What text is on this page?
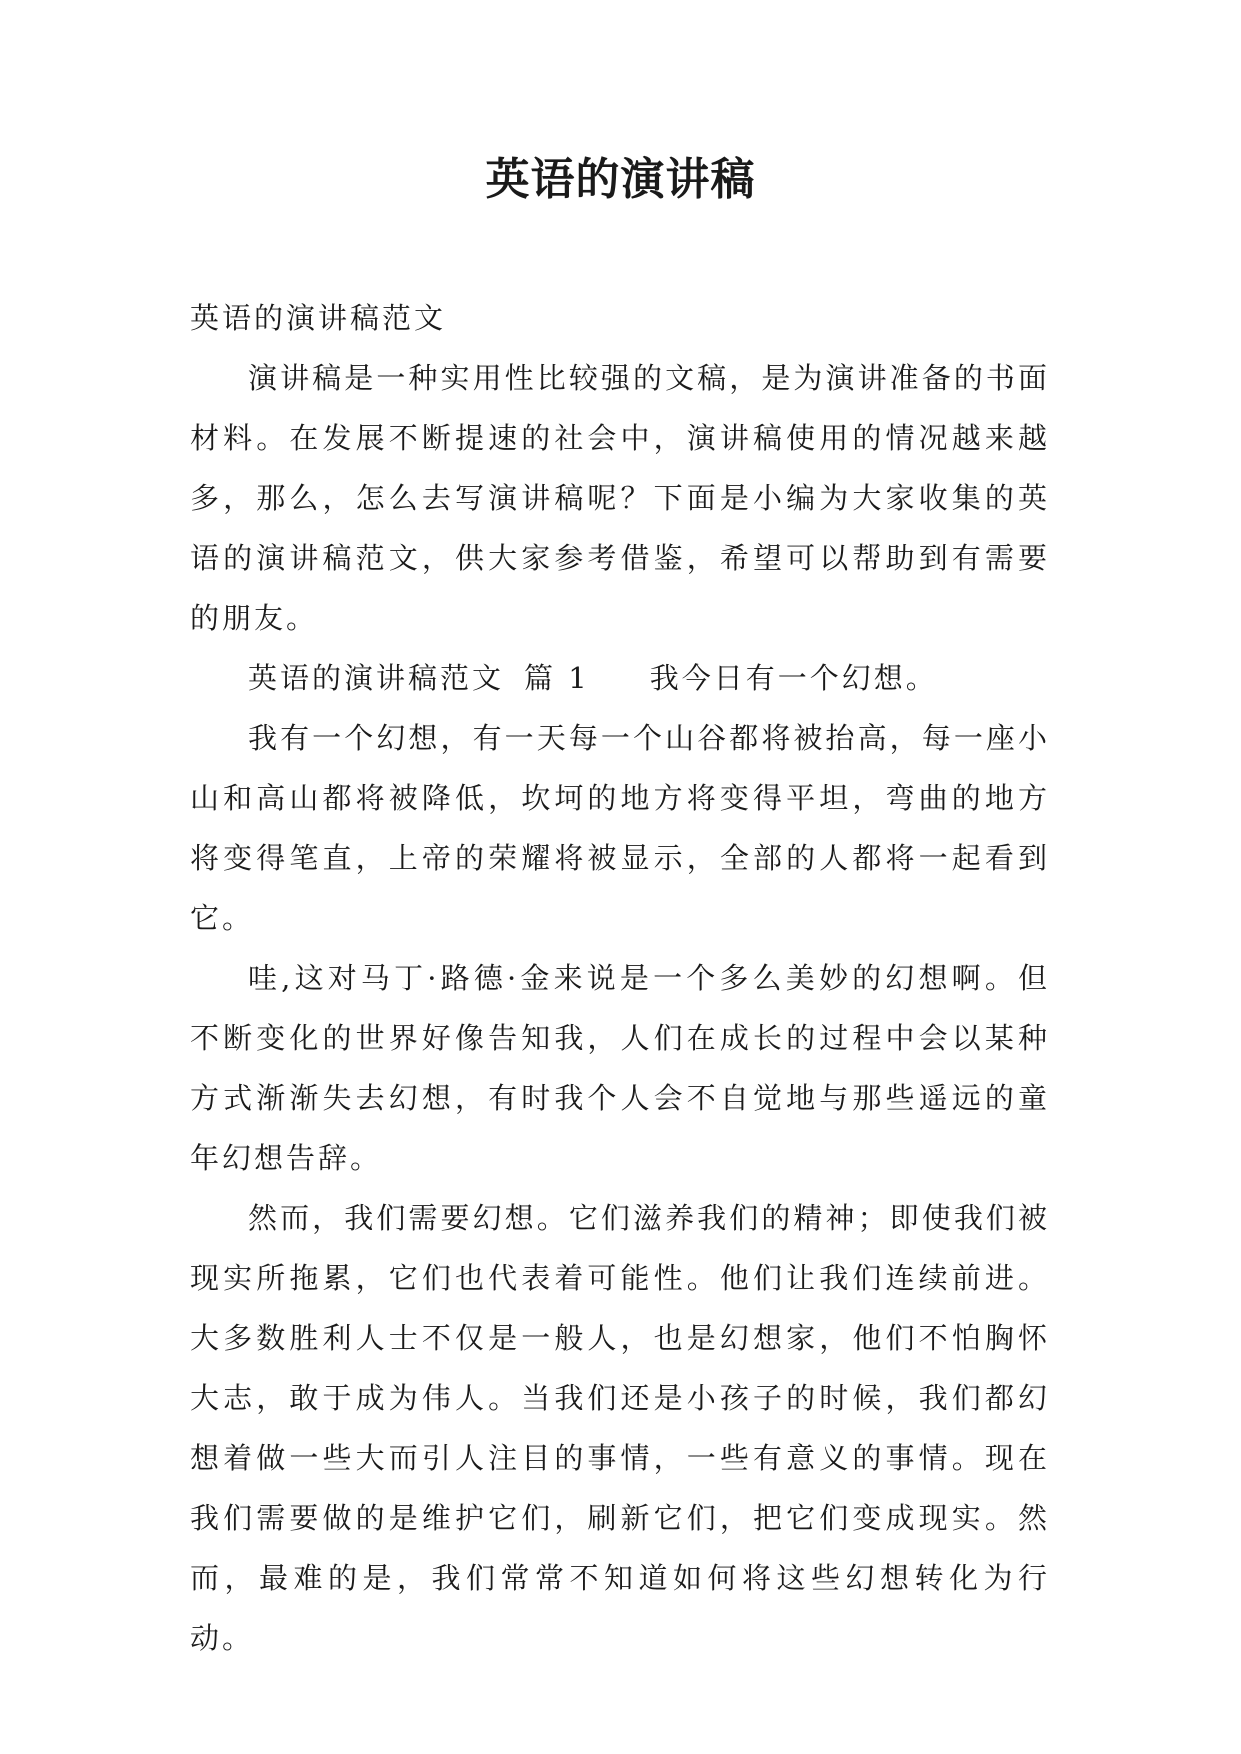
英语的演讲稿

英语的演讲稿范文

演讲稿是一种实用性比较强的文稿，是为演讲准备的书面材料。在发展不断提速的社会中，演讲稿使用的情况越来越多，那么，怎么去写演讲稿呢？下面是小编为大家收集的英语的演讲稿范文，供大家参考借鉴，希望可以帮助到有需要的朋友。

英语的演讲稿范文 篇 1 我今日有一个幻想。

我有一个幻想，有一天每一个山谷都将被抬高，每一座小山和高山都将被降低，坎坷的地方将变得平坦，弯曲的地方将变得笔直，上帝的荣耀将被显示，全部的人都将一起看到它。

哇,这对马丁·路德·金来说是一个多么美妙的幻想啊。但不断变化的世界好像告知我，人们在成长的过程中会以某种方式渐渐失去幻想，有时我个人会不自觉地与那些遥远的童年幻想告辞。

然而，我们需要幻想。它们滋养我们的精神；即使我们被现实所拖累，它们也代表着可能性。他们让我们连续前进。大多数胜利人士不仅是一般人，也是幻想家，他们不怕胸怀大志，敢于成为伟人。当我们还是小孩子的时候，我们都幻想着做一些大而引人注目的事情，一些有意义的事情。现在我们需要做的是维护它们，刷新它们，把它们变成现实。然而，最难的是，我们常常不知道如何将这些幻想转化为行动。
